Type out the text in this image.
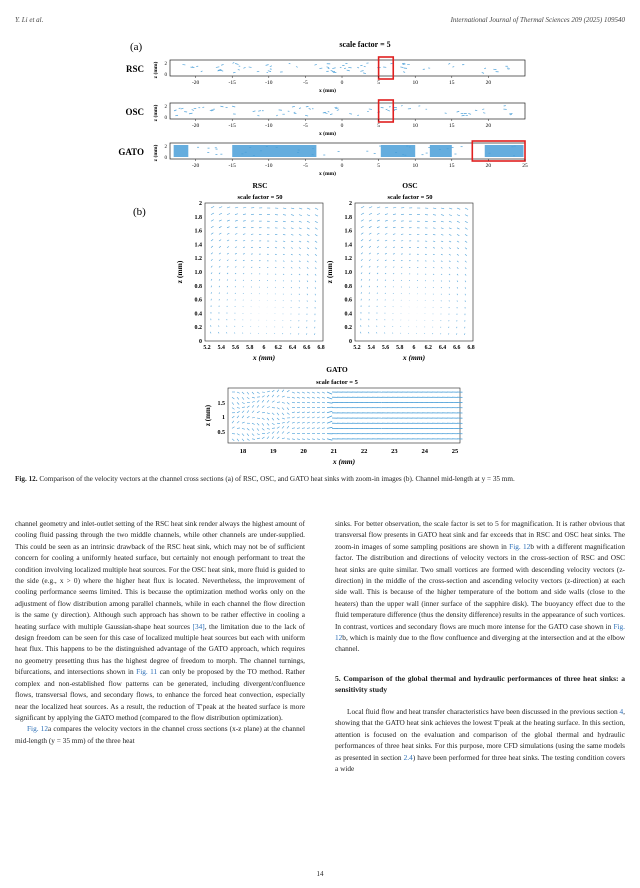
Y. Li et al.	International Journal of Thermal Sciences 209 (2025) 109540
(a)	scale factor = 5
RSC z (mm) 2
0
-20	-15	-10	-5	0	5	10	15	20
x (mm)
OSC z (mm) 2
0
-20	-15	-10	-5	0	5	10	15	20
x (mm)
GATO z (mm) 2
0
-20	-15	-10	-5	0	5	10	15	20	25
x (mm)
(b)
RSC
scale factor = 50
OSC
scale factor = 50
GATO
scale factor = 5
2
1.8
1.6
1.4
1.2
1.0
0.8
0.6
0.4
0.2
0
5.2 5.4 5.6 5.8 6 6.2 6.4 6.6 6.8
x (mm)
z (mm)
2
1.8
1.6
1.4
1.2
1.0
0.8
0.6
0.4
0.2
0
5.2 5.4 5.6 5.8 6 6.2 6.4 6.6 6.8
x (mm)
z (mm)
1.5
1
0.5
z (mm)
18	19	20	21	22	23	24	25
x (mm)
Fig. 12. Comparison of the velocity vectors at the channel cross sections (a) of RSC, OSC, and GATO heat sinks with zoom-in images (b). Channel mid-length at y = 35 mm.

channel geometry and inlet-outlet setting of the RSC heat sink render always the highest amount of cooling fluid passing through the two middle channels, while other channels are under-supplied. This could be seen as an intrinsic drawback of the RSC heat sink, which may not be of sufficient concern for cooling a uniformly heated surface, but certainly not enough performant to treat the condition involving localized multiple heat sources. For the OSC heat sink, more fluid is guided to the side (e.g., x > 0) where the higher heat flux is located. Nevertheless, the improvement of cooling performance seems limited. This is because the optimization method works only on the adjustment of flow distribution among parallel channels, while in each channel the flow direction is the same (y direction). Although such approach has shown to be rather effective in cooling a heating surface with multiple Gaussian-shape heat sources [34], the limitation due to the lack of design freedom can be seen for this case of localized multiple heat sources but each with uniform heat flux. This happens to be the distinguished advantage of the GATO approach, which requires no geometry presetting thus has the highest degree of freedom to morph. The channel turnings, bifurcations, and intersections shown in Fig. 11 can only be proposed by the TO method. Rather complex and non-established flow patterns can be generated, including divergent/confluence flows, transversal flows, and secondary flows, to enhance the forced heat convection, especially near the localized heat sources. As a result, the reduction of T′peak at the heated surface is more significant by applying the GATO method (compared to the flow distribution optimization).

Fig. 12a compares the velocity vectors in the channel cross sections (x-z plane) at the channel mid-length (y = 35 mm) of the three heat

sinks. For better observation, the scale factor is set to 5 for magnification. It is rather obvious that transversal flow presents in GATO heat sink and far exceeds that in RSC and OSC heat sinks. The zoom-in images of some sampling positions are shown in Fig. 12b with a different magnification factor. The distribution and directions of velocity vectors in the cross-section of RSC and OSC heat sinks are quite similar. Two small vortices are formed with descending velocity vectors (z-direction) in the middle of the cross-section and ascending velocity vectors (z-direction) at each side wall. This is because of the higher temperature of the bottom and side walls (close to the heaters) than the upper wall (inner surface of the sapphire disk). The buoyancy effect due to the fluid temperature difference (thus the density difference) results in the appearance of such vortices. In contrast, vortices and secondary flows are much more intense for the GATO case shown in Fig. 12b, which is mainly due to the flow confluence and diverging at the intersection and at the elbow channel.

5. Comparison of the global thermal and hydraulic performances of three heat sinks: a sensitivity study

Local fluid flow and heat transfer characteristics have been discussed in the previous section 4, showing that the GATO heat sink achieves the lowest T′peak at the heating surface. In this section, attention is focused on the evaluation and comparison of the global thermal and hydraulic performances of three heat sinks. For this purpose, more CFD simulations (using the same models as presented in section 2.4) have been performed for three heat sinks. The testing condition covers a wide

14
